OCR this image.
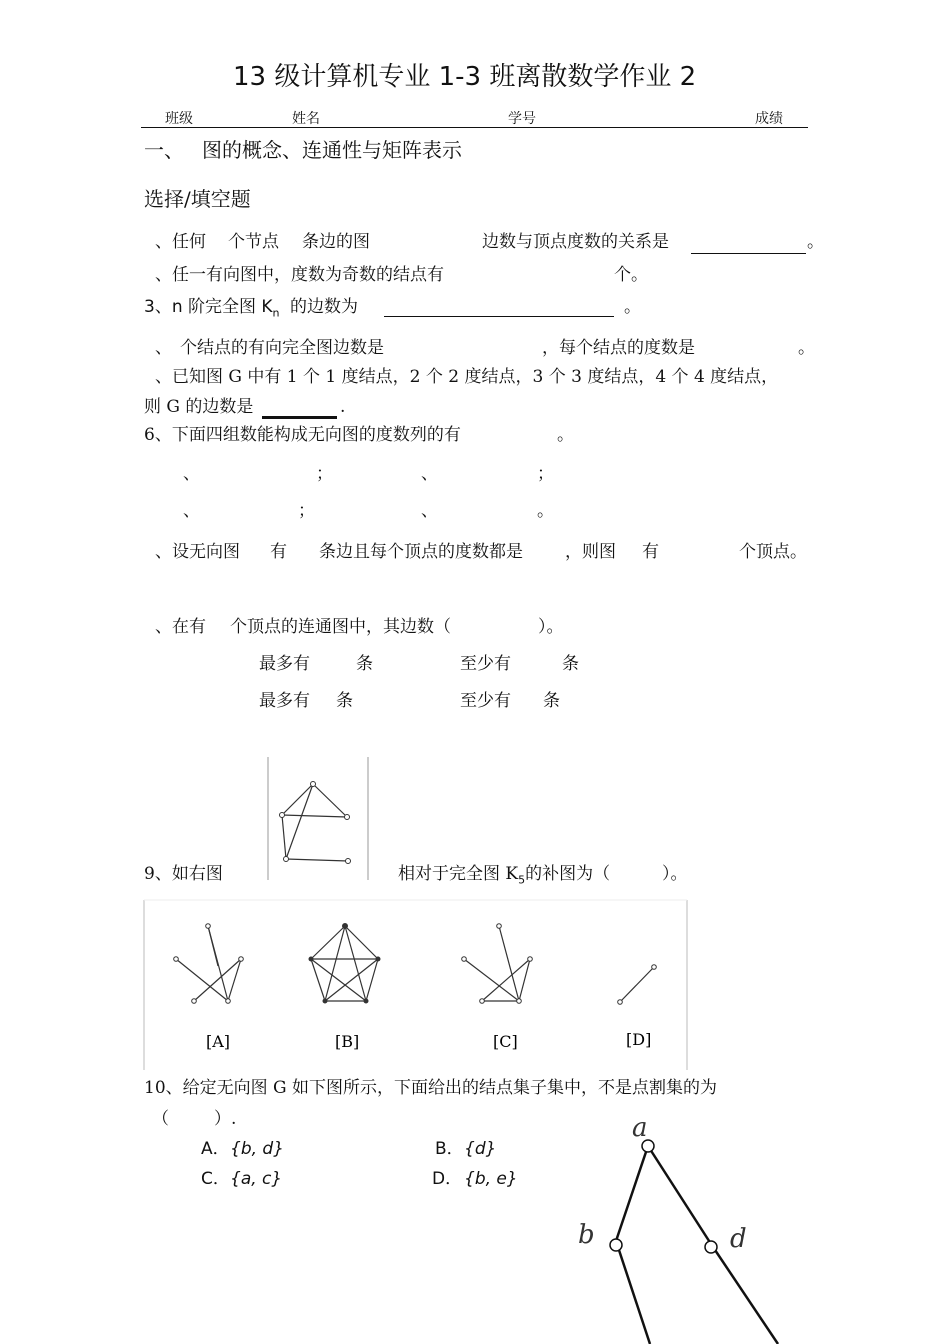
13 级计算机专业 1-3 班离散数学作业 2
班级	姓名	学号	成绩
一、 图的概念、连通性与矩阵表示
选择/填空题
、任何 个节点 条边的图	边数与顶点度数的关系是	。
、任一有向图中，度数为奇数的结点有	个。
3、n 阶完全图 $K_n$ 的边数为	。
、 个结点的有向完全图边数是	，每个结点的度数是	。
、已知图 G 中有 1 个 1 度结点，2 个 2 度结点，3 个 3 度结点，4 个 4 度结点，
则 G 的边数是	.
6、下面四组数能构成无向图的度数列的有	。
、	；	、	；
、	；	、	。
、设无向图 有 条边且每个顶点的度数都是 ，则图 有	个顶点。
、在有 个顶点的连通图中，其边数（	）。
最多有	条	至少有	条
最多有 条	至少有 条
9、如右图	相对于完全图 $K_5$的补图为（	）。
[A]	[B]	[C]	[D]
10、给定无向图 G 如下图所示，下面给出的结点集子集中，不是点割集的为
（	）.
A． {b, d}	B． {d}
C． {a, c}	D． {b, e}
a
b	d
